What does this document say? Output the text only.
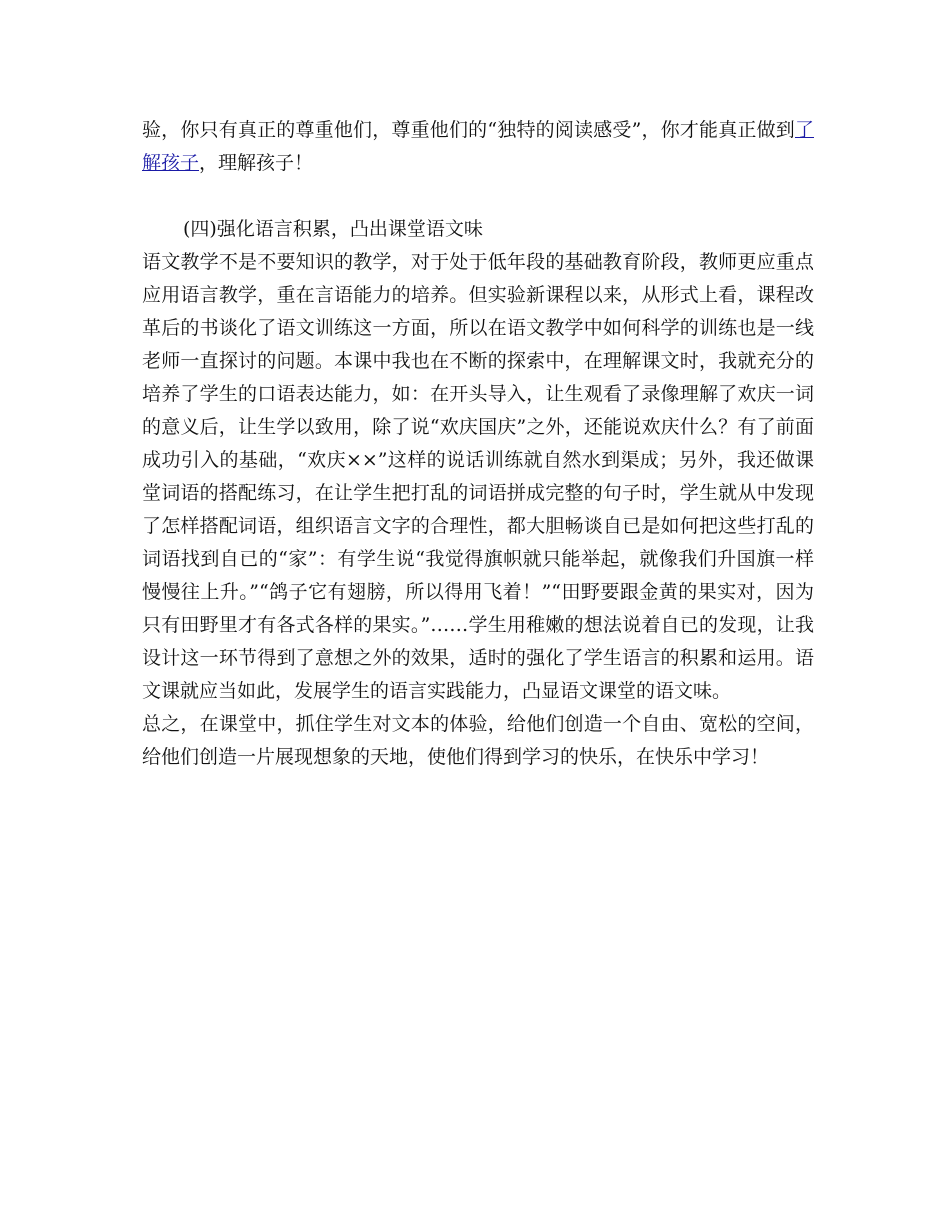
验，你只有真正的尊重他们，尊重他们的“独特的阅读感受”，你才能真正做到了解孩子，理解孩子！

(四)强化语言积累，凸出课堂语文味

语文教学不是不要知识的教学，对于处于低年段的基础教育阶段，教师更应重点应用语言教学，重在言语能力的培养。但实验新课程以来，从形式上看，课程改革后的书谈化了语文训练这一方面，所以在语文教学中如何科学的训练也是一线老师一直探讨的问题。本课中我也在不断的探索中，在理解课文时，我就充分的培养了学生的口语表达能力，如：在开头导入，让生观看了录像理解了欢庆一词的意义后，让生学以致用，除了说“欢庆国庆”之外，还能说欢庆什么？有了前面成功引入的基础，“欢庆××”这样的说话训练就自然水到渠成；另外，我还做课堂词语的搭配练习，在让学生把打乱的词语拼成完整的句子时，学生就从中发现了怎样搭配词语，组织语言文字的合理性，都大胆畅谈自已是如何把这些打乱的词语找到自已的“家”：有学生说“我觉得旗帜就只能举起，就像我们升国旗一样慢慢往上升。”“鸽子它有翅膀，所以得用飞着！”“田野要跟金黄的果实对，因为只有田野里才有各式各样的果实。”……学生用稚嫩的想法说着自已的发现，让我设计这一环节得到了意想之外的效果，适时的强化了学生语言的积累和运用。语文课就应当如此，发展学生的语言实践能力，凸显语文课堂的语文味。

总之，在课堂中，抓住学生对文本的体验，给他们创造一个自由、宽松的空间，给他们创造一片展现想象的天地，使他们得到学习的快乐，在快乐中学习！
